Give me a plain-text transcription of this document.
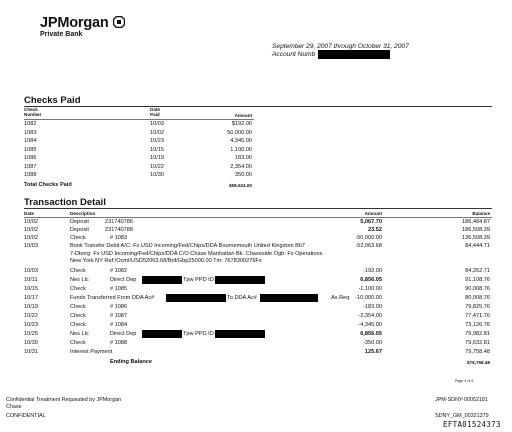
JPMorgan
Private Bank
September 29, 2007 through October 31, 2007
Account Numb
Checks Paid
Check Number
Date Paid	Amount
1082	10/03	$192.00
1083	10/02	50,000.00
1084	10/23	4,345.00
1085	10/15	1,100.00
1086	10/19	183.00
1087	10/22	2,354.00
1088	10/30	350.00
Total Checks Paid	$58,524.00
Transaction Detail
Date	Description	Amount	Balance
10/02	Deposit	231740786	5,067.70	186,484.87
10/02	Deposit	231740788	23.52	186,508.39
10/02	Check	# 1083	-50,000.00	136,508.39
10/03	Book Transfer Debit A/C: Fx USD Incoming/Fed/Chips/DDA Bournemouth United Kingdom Bh7
7-Dborg: Fx USD Incoming/Fed/Chips/DDA C/O Chase Manhattan Bk. Chaseside Ogb: Fx Operations
New York NY Ref:/Ocmt/USD52063.68/Bnf/Gbp25000.00 Tm: 7678300276Fx
-52,063.68	84,444.71
10/03	Check	# 1082	-192.00	84,252.71
10/11	Nes Llc	Direct Dep	Tpw PPD ID:	6,856.05	91,108.76
10/15	Check	# 1085	-1,100.00	90,008.76
10/17	Funds Transferred From DDA Ac#	To DDA Ac#	As Req	-10,000.00	80,008.76
10/19	Check	# 1086	-183.00	79,825.76
10/22	Check	# 1087	-2,354.00	77,471.76
10/23	Check	# 1084	-4,345.00	73,126.76
10/25	Nes Llc	Direct Dep	Tpw PPD ID:	6,856.05	79,982.81
10/30	Check	# 1088	-350.00	79,632.81
10/31	Interest Payment	125.67	79,758.48
Ending Balance	$79,758.48
Page 4 of 6
Confidential Treatment Requested by JPMorgan
Chase
CONFIDENTIAL
JPM-SDNY-00052181
SDNY_GM_00321379
EFTA01524373
